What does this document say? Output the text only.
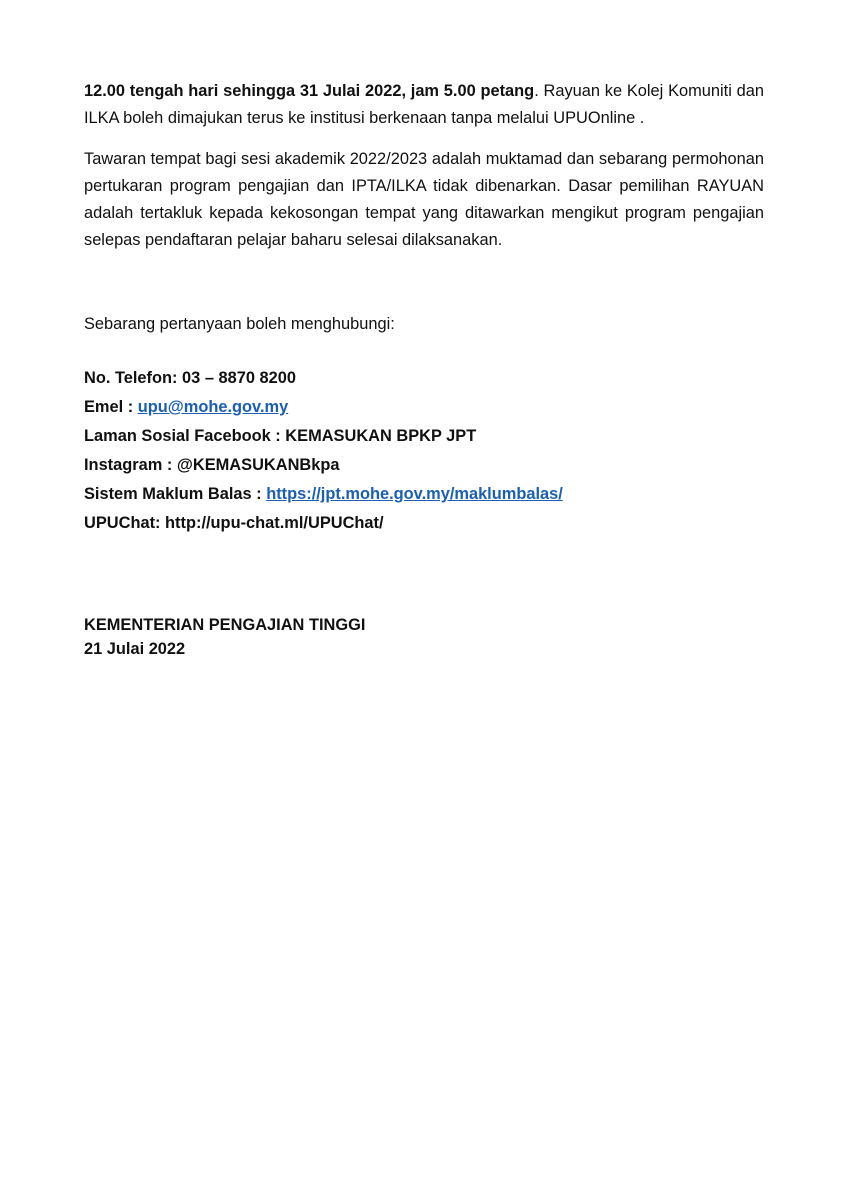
12.00 tengah hari sehingga 31 Julai 2022, jam 5.00 petang. Rayuan ke Kolej Komuniti dan ILKA boleh dimajukan terus ke institusi berkenaan tanpa melalui UPUOnline .

Tawaran tempat bagi sesi akademik 2022/2023 adalah muktamad dan sebarang permohonan pertukaran program pengajian dan IPTA/ILKA tidak dibenarkan. Dasar pemilihan RAYUAN adalah tertakluk kepada kekosongan tempat yang ditawarkan mengikut program pengajian selepas pendaftaran pelajar baharu selesai dilaksanakan.

Sebarang pertanyaan boleh menghubungi:

No. Telefon: 03 – 8870 8200
Emel : upu@mohe.gov.my
Laman Sosial Facebook : KEMASUKAN BPKP JPT
Instagram : @KEMASUKANBkpa
Sistem Maklum Balas : https://jpt.mohe.gov.my/maklumbalas/
UPUChat: http://upu-chat.ml/UPUChat/
KEMENTERIAN PENGAJIAN TINGGI
21 Julai 2022
